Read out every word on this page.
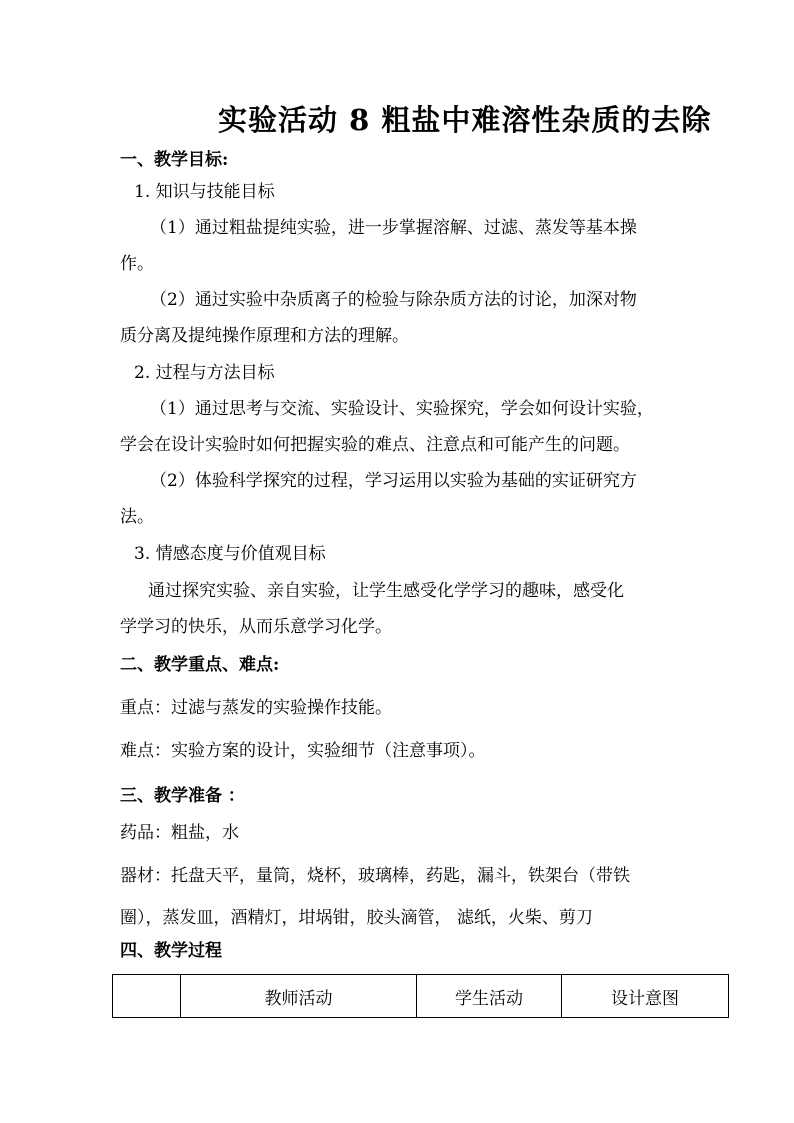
实验活动 8 粗盐中难溶性杂质的去除
一、教学目标:
1. 知识与技能目标
（1）通过粗盐提纯实验，进一步掌握溶解、过滤、蒸发等基本操
作。
（2）通过实验中杂质离子的检验与除杂质方法的讨论，加深对物
质分离及提纯操作原理和方法的理解。
2. 过程与方法目标
（1）通过思考与交流、实验设计、实验探究，学会如何设计实验，
学会在设计实验时如何把握实验的难点、注意点和可能产生的问题。
（2）体验科学探究的过程，学习运用以实验为基础的实证研究方
法。
3. 情感态度与价值观目标
通过探究实验、亲自实验，让学生感受化学学习的趣味，感受化
学学习的快乐，从而乐意学习化学。
二、教学重点、难点:
重点：过滤与蒸发的实验操作技能。
难点：实验方案的设计，实验细节（注意事项）。
三、教学准备 ：
药品：粗盐，水
器材：托盘天平，量筒，烧杯，玻璃棒，药匙，漏斗，铁架台（带铁
圈），蒸发皿，酒精灯，坩埚钳，胶头滴管， 滤纸，火柴、剪刀
四、教学过程
	教师活动	学生活动	设计意图
